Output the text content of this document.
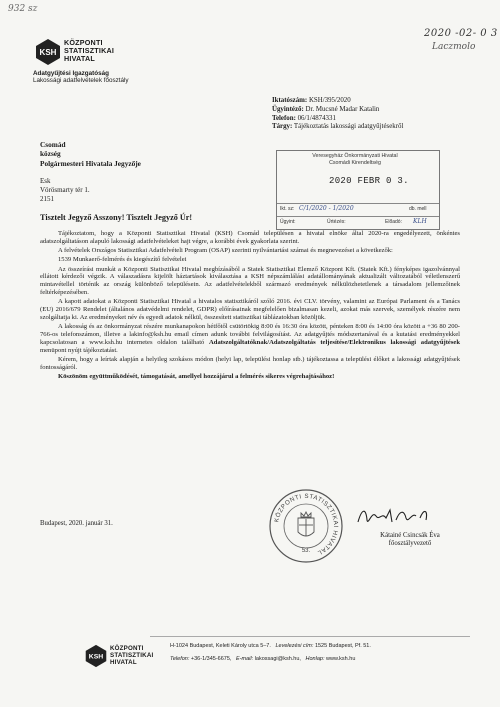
932 sz
2020 -02- 0 3
Laczmolo
KSH
KÖZPONTI
STATISZTIKAI
HIVATAL
Adatgyűjtési Igazgatóság
Lakossági adatfelvételek főosztály
Iktatószám: KSH/395/2020
Ügyintéző: Dr. Mucsné Madar Katalin
Telefon: 06/1/4874331
Tárgy: Tájékoztatás lakossági adatgyűjtésekről
Csomád
község
Polgármesteri Hivatala Jegyzője
Esk
Vörösmarty tér 1.
2151
Veresegyház Önkormányzati Hivatal
Csomádi Kirendeltség
2020 FEBR 0 3.
Ikt. sz: C/1/2020 - 1/2020	db. mell
Ügyint:	Ürtézés:	Előadó: KLH
Tisztelt Jegyző Asszony! Tisztelt Jegyző Úr!

Tájékoztatom, hogy a Központi Statisztikai Hivatal (KSH) Csomád településen a hivatal elnöke által 2020-ra engedélyezett, önkéntes adatszolgáltatáson alapuló lakossági adatfelvételeket hajt végre, a korábbi évek gyakorlata szerint.

A felvételek Országos Statisztikai Adatfelvételi Program (OSAP) szerinti nyilvántartási számai és megnevezései a következők:

1539 Munkaerő-felmérés és kiegészítő felvételei

Az összeírási munkát a Központi Statisztikai Hivatal megbízásából a Statek Statisztikai Elemző Központ Kft. (Statek Kft.) fényképes igazolvánnyal ellátott kérdezői végzik. A válaszadásra kijelölt háztartások kiválasztása a KSH népszámlálási adatállományának aktualizált változatából véletlenszerű mintavétellel történik az ország különböző településein. Az adatfelvételekből származó eredmények nélkülözhetetlenek a társadalom jellemzőinek feltérképezésében.

A kapott adatokat a Központi Statisztikai Hivatal a hivatalos statisztikáról szóló 2016. évi CLV. törvény, valamint az Európai Parlament és a Tanács (EU) 2016/679 Rendelet (általános adatvédelmi rendelet, GDPR) előírásainak megfelelően bizalmasan kezeli, azokat más szervek, személyek részére nem szolgáltatja ki. Az eredményeket név és egyedi adatok nélkül, összesített statisztikai táblázatokban közöljük.

A lakosság és az önkormányzat részére munkanapokon hétfőtől csütörtökig 8:00 és 16:30 óra között, pénteken 8:00 és 14:00 óra között a +36 80 200-766-os telefonszámon, illetve a lakinfo@ksh.hu email címen adunk további felvilágosítást. Az adatgyűjtés módszertanával és a kutatási eredményekkel kapcsolatosan a www.ksh.hu internetes oldalon található Adatszolgáltatóknak/Adatszolgáltatás teljesítése/Elektronikus lakossági adatgyűjtések menüpont nyújt tájékoztatást.

Kérem, hogy a leírtak alapján a helyileg szokásos módon (helyi lap, települési honlap stb.) tájékoztassa a települési élőket a lakossági adatgyűjtések fontosságáról.

Köszönöm együttműködését, támogatását, amellyel hozzájárul a felmérés sikeres végrehajtásához!

Budapest, 2020. január 31.
KÖZPONTI STATISZTIKAI HIVATAL
53.
Kátainé Csincsák Éva
főosztályvezető
KSH
KÖZPONTI
STATISZTIKAI
HIVATAL
H-1024 Budapest, Keleti Károly utca 5–7. Levelezési cím: 1525 Budapest, Pf. 51.
Telefon: +36-1/345-6675, E-mail: lakossagi@ksh.hu, Honlap: www.ksh.hu
